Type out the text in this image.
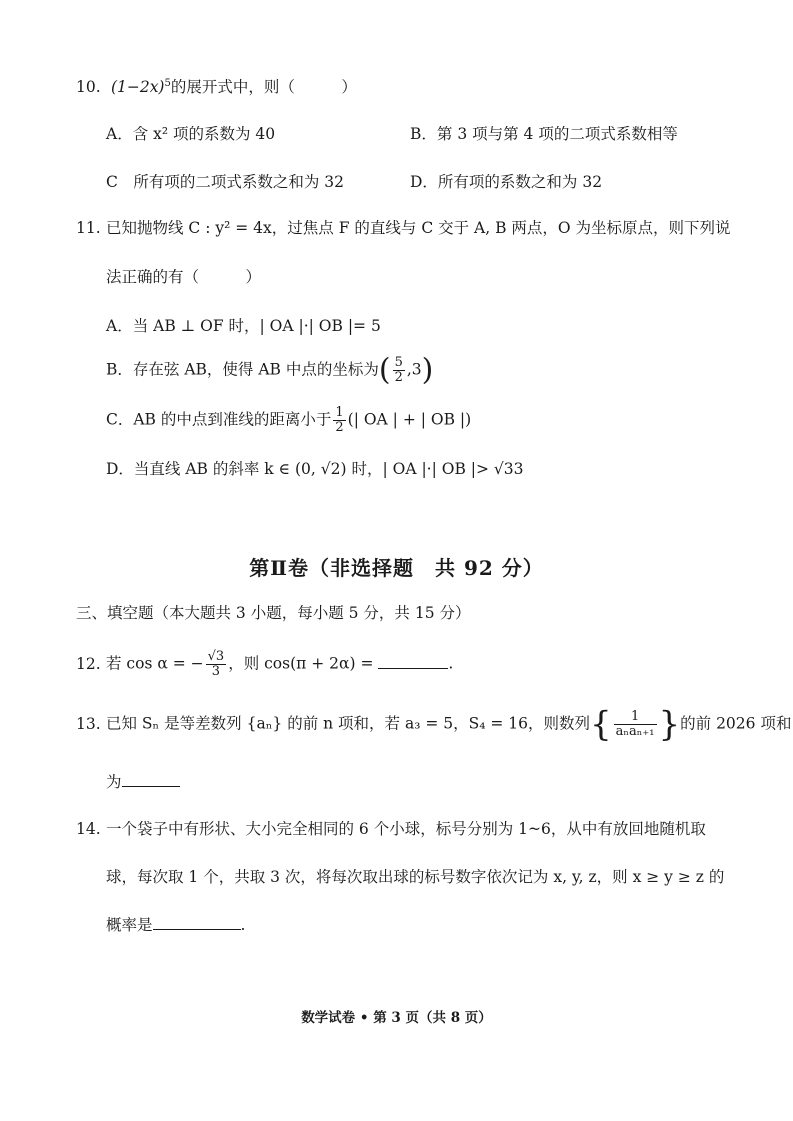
10. $(1-2x)^5$的展开式中，则（　　　）
A．含 x² 项的系数为 40	B．第 3 项与第 4 项的二项式系数相等
C　所有项的二项式系数之和为 32	D．所有项的系数之和为 32
11. 已知抛物线 C : y² = 4x，过焦点 F 的直线与 C 交于 A, B 两点，O 为坐标原点，则下列说
法正确的有（　　　）
A．当 AB ⊥ OF 时，| OA |·| OB |= 5
B．存在弦 AB，使得 AB 中点的坐标为( $\frac{5}{2} ,3$)
C．AB 的中点到准线的距离小于 $\frac{1}{2}$ (| OA | + | OB |)
D．当直线 AB 的斜率 k ∈ (0, √2) 时，| OA |·| OB |> √33
第Ⅱ卷（非选择题　共 92 分）
三、填空题（本大题共 3 小题，每小题 5 分，共 15 分）
12. 若 cos α = − $\frac{√3}{3}$ ，则 cos(π + 2α) =	.
13. 已知 Sₙ 是等差数列 {aₙ} 的前 n 项和，若 a₃ = 5，S₄ = 16，则数列{ $\frac{1}{\text{aₙaₙ₊₁}}$ }的前 2026 项和
为
14. 一个袋子中有形状、大小完全相同的 6 个小球，标号分别为 1~6，从中有放回地随机取
球，每次取 1 个，共取 3 次，将每次取出球的标号数字依次记为 x, y, z，则 x ≥ y ≥ z 的
概率是	.
数学试卷 • 第 3 页（共 8 页）
